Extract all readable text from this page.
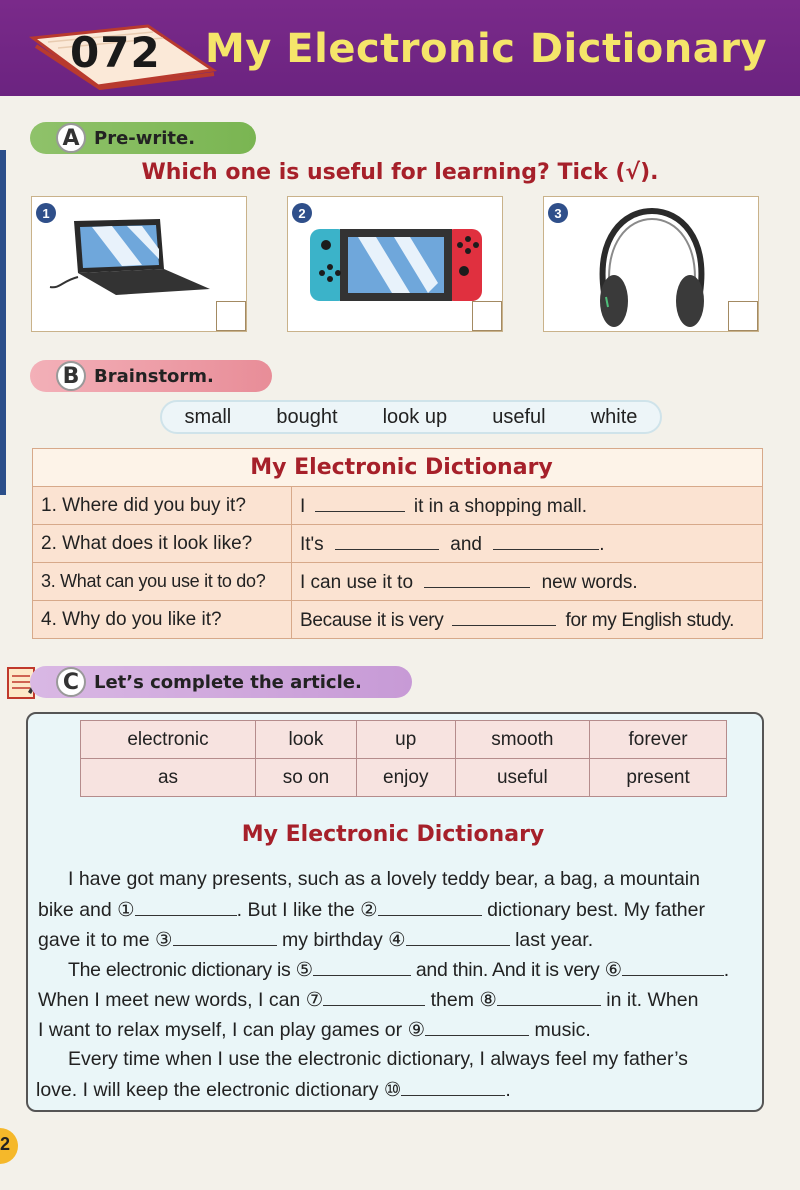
072 My Electronic Dictionary
A Pre-write.
Which one is useful for learning? Tick (√).
1	2	3
B Brainstorm.
small bought look up useful white
My Electronic Dictionary	
1. Where did you buy it?	I it in a shopping mall.
2. What does it look like?	It's and .
3. What can you use it to do?	I can use it to new words.
4. Why do you like it?	Because it is very for my English study.
C Let’s complete the article.
electronic	look	up	smooth	forever
as	so on	enjoy	useful	present
My Electronic Dictionary
I have got many presents, such as a lovely teddy bear, a bag, a mountain
bike and ①	. But I like the ②	dictionary best. My father
gave it to me ③	my birthday ④	last year.
The electronic dictionary is ⑤	and thin. And it is very ⑥	.
When I meet new words, I can ⑦	them ⑧	in it. When
I want to relax myself, I can play games or ⑨	music.
Every time when I use the electronic dictionary, I always feel my father’s
love. I will keep the electronic dictionary ⑩	.
2
